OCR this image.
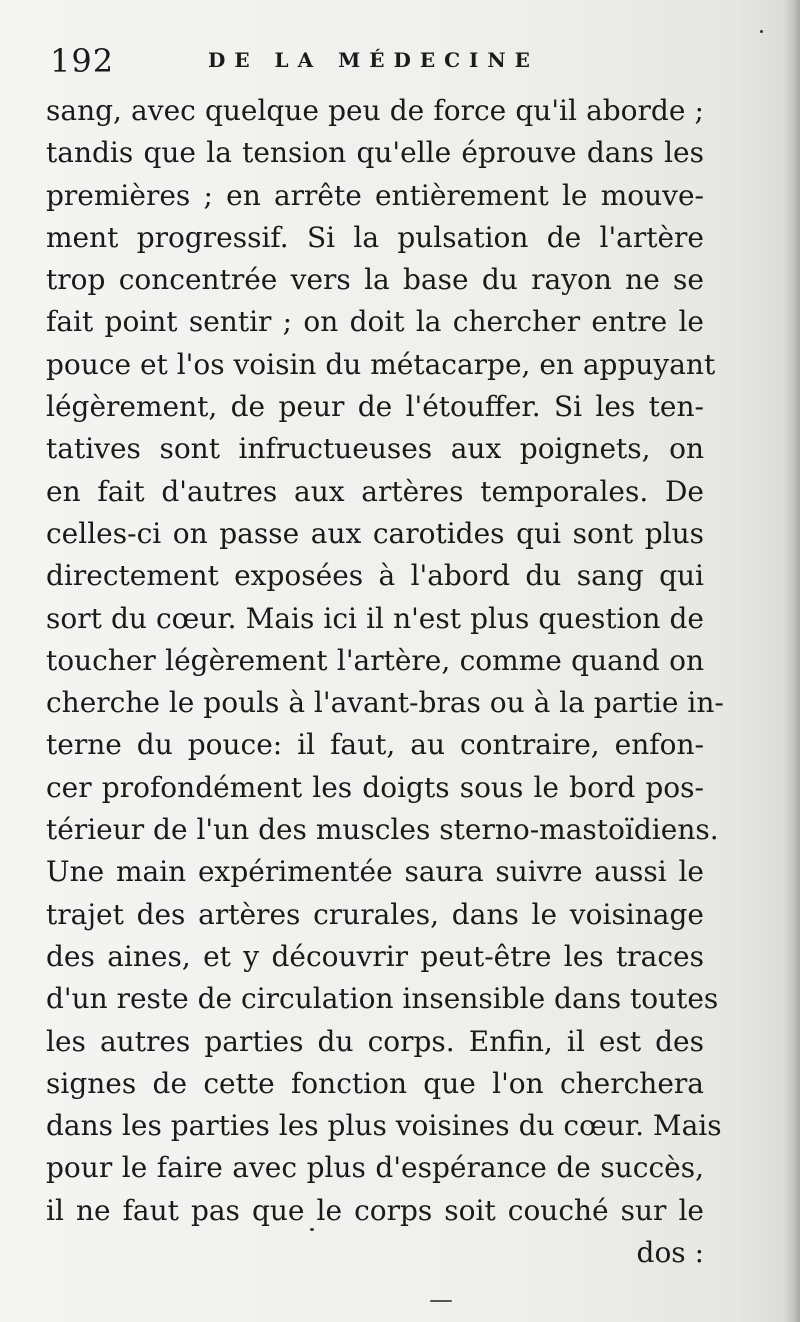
192	DE LA MÉDECINE
sang, avec quelque peu de force qu'il aborde ;
tandis que la tension qu'elle éprouve dans les
premières ; en arrête entièrement le mouve-
ment progressif. Si la pulsation de l'artère
trop concentrée vers la base du rayon ne se
fait point sentir ; on doit la chercher entre le
pouce et l'os voisin du métacarpe, en appuyant
légèrement, de peur de l'étouffer. Si les ten-
tatives sont infructueuses aux poignets, on
en fait d'autres aux artères temporales. De
celles-ci on passe aux carotides qui sont plus
directement exposées à l'abord du sang qui
sort du cœur. Mais ici il n'est plus question de
toucher légèrement l'artère, comme quand on
cherche le pouls à l'avant-bras ou à la partie in-
terne du pouce: il faut, au contraire, enfon-
cer profondément les doigts sous le bord pos-
térieur de l'un des muscles sterno-mastoïdiens.
Une main expérimentée saura suivre aussi le
trajet des artères crurales, dans le voisinage
des aines, et y découvrir peut-être les traces
d'un reste de circulation insensible dans toutes
les autres parties du corps. Enfin, il est des
signes de cette fonction que l'on cherchera
dans les parties les plus voisines du cœur. Mais
pour le faire avec plus d'espérance de succès,
il ne faut pas que le corps soit couché sur le
dos :
